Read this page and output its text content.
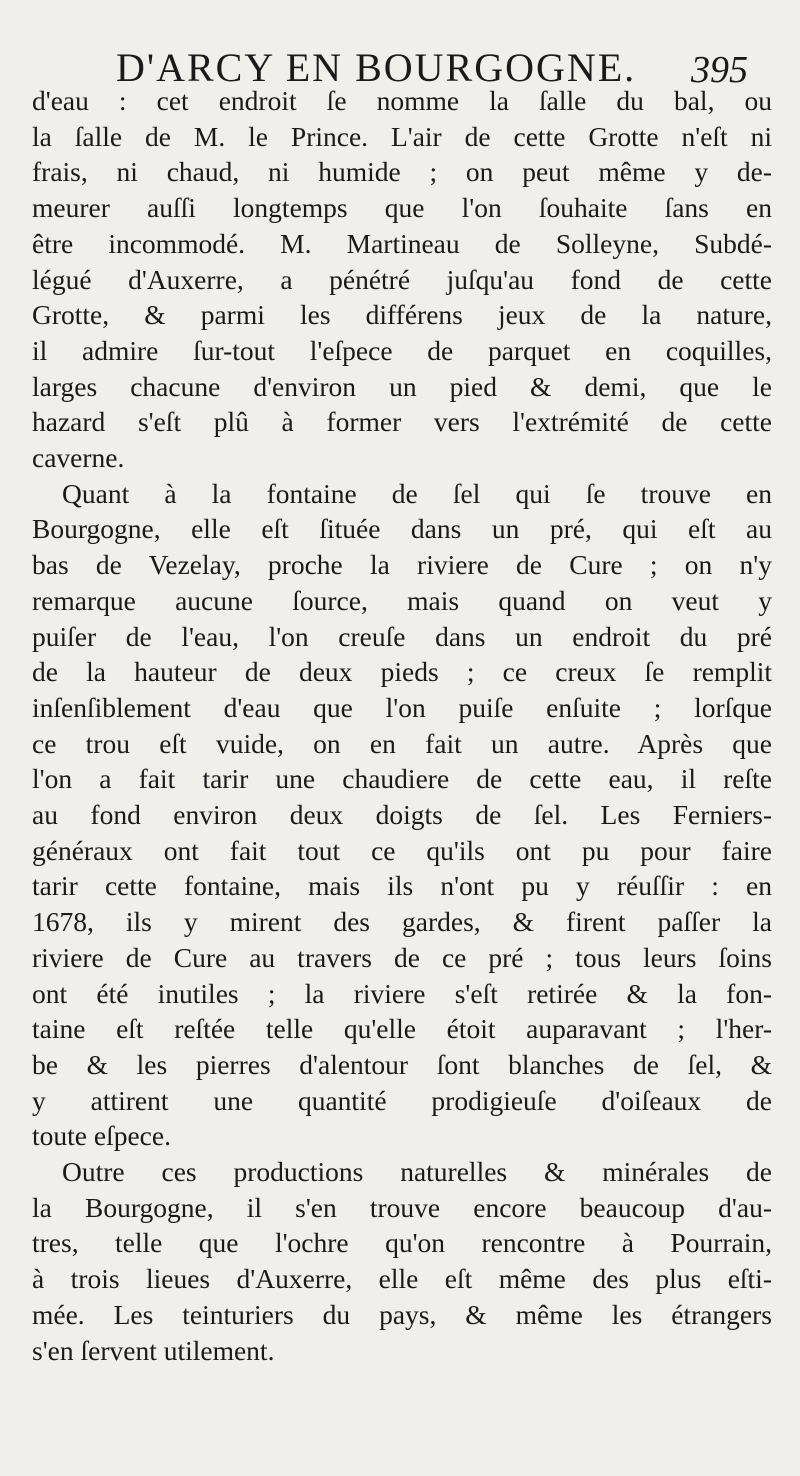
D'ARCY EN BOURGOGNE. 395
d'eau : cet endroit ſe nomme la ſalle du bal, ou
la ſalle de M. le Prince. L'air de cette Grotte n'eſt ni
frais, ni chaud, ni humide ; on peut même y de-
meurer auſſi longtemps que l'on ſouhaite ſans en
être incommodé. M. Martineau de Solleyne, Subdé-
légué d'Auxerre, a pénétré juſqu'au fond de cette
Grotte, & parmi les différens jeux de la nature,
il admire ſur-tout l'eſpece de parquet en coquilles,
larges chacune d'environ un pied & demi, que le
hazard s'eſt plû à former vers l'extrémité de cette
caverne.
Quant à la fontaine de ſel qui ſe trouve en
Bourgogne, elle eſt ſituée dans un pré, qui eſt au
bas de Vezelay, proche la riviere de Cure ; on n'y
remarque aucune ſource, mais quand on veut y
puiſer de l'eau, l'on creuſe dans un endroit du pré
de la hauteur de deux pieds ; ce creux ſe remplit
inſenſiblement d'eau que l'on puiſe enſuite ; lorſque
ce trou eſt vuide, on en fait un autre. Après que
l'on a fait tarir une chaudiere de cette eau, il reſte
au fond environ deux doigts de ſel. Les Ferniers-
généraux ont fait tout ce qu'ils ont pu pour faire
tarir cette fontaine, mais ils n'ont pu y réuſſir : en
1678, ils y mirent des gardes, & firent paſſer la
riviere de Cure au travers de ce pré ; tous leurs ſoins
ont été inutiles ; la riviere s'eſt retirée & la fon-
taine eſt reſtée telle qu'elle étoit auparavant ; l'her-
be & les pierres d'alentour ſont blanches de ſel, &
y attirent une quantité prodigieuſe d'oiſeaux de
toute eſpece.
Outre ces productions naturelles & minérales de
la Bourgogne, il s'en trouve encore beaucoup d'au-
tres, telle que l'ochre qu'on rencontre à Pourrain,
à trois lieues d'Auxerre, elle eſt même des plus eſti-
mée. Les teinturiers du pays, & même les étrangers
s'en ſervent utilement.
